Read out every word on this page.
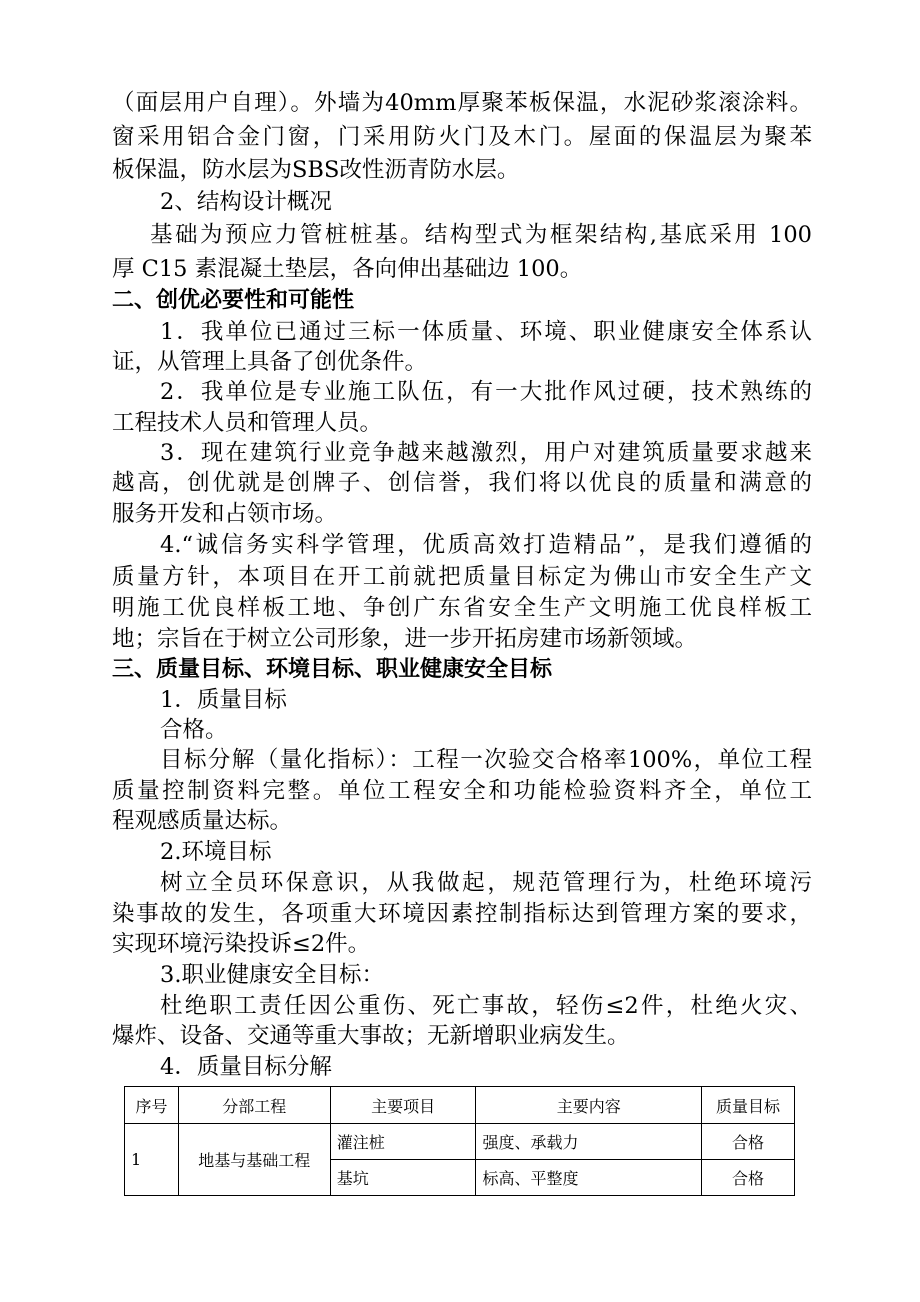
（面层用户自理）。外墙为40mm厚聚苯板保温，水泥砂浆滚涂料。
窗采用铝合金门窗，门采用防火门及木门。屋面的保温层为聚苯
板保温，防水层为SBS改性沥青防水层。
2、结构设计概况
基础为预应力管桩桩基。结构型式为框架结构,基底采用 100
厚 C15 素混凝土垫层，各向伸出基础边 100。
二、创优必要性和可能性
1．我单位已通过三标一体质量、环境、职业健康安全体系认
证，从管理上具备了创优条件。
2．我单位是专业施工队伍，有一大批作风过硬，技术熟练的
工程技术人员和管理人员。
3．现在建筑行业竞争越来越激烈，用户对建筑质量要求越来
越高，创优就是创牌子、创信誉，我们将以优良的质量和满意的
服务开发和占领市场。
4.“诚信务实科学管理，优质高效打造精品”，是我们遵循的
质量方针，本项目在开工前就把质量目标定为佛山市安全生产文
明施工优良样板工地、争创广东省安全生产文明施工优良样板工
地；宗旨在于树立公司形象，进一步开拓房建市场新领域。
三、质量目标、环境目标、职业健康安全目标
1．质量目标
合格。
目标分解（量化指标）：工程一次验交合格率100%，单位工程
质量控制资料完整。单位工程安全和功能检验资料齐全，单位工
程观感质量达标。
2.环境目标
树立全员环保意识，从我做起，规范管理行为，杜绝环境污
染事故的发生，各项重大环境因素控制指标达到管理方案的要求，
实现环境污染投诉≤2件。
3.职业健康安全目标：
杜绝职工责任因公重伤、死亡事故，轻伤≤2件，杜绝火灾、
爆炸、设备、交通等重大事故；无新增职业病发生。
4．质量目标分解
序号	分部工程	主要项目	主要内容	质量目标
1	地基与基础工程	灌注桩	强度、承载力	合格
		基坑	标高、平整度	合格
